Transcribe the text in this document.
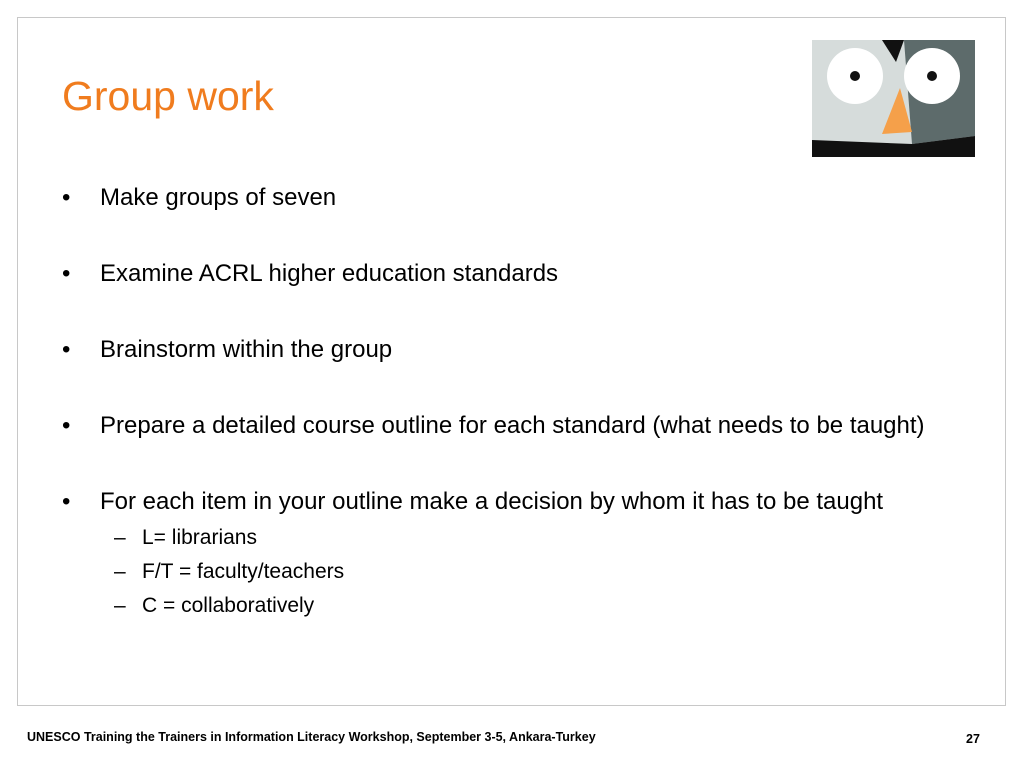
Group work
• Make groups of seven
• Examine ACRL higher education standards
• Brainstorm within the group
• Prepare a detailed course outline for each standard (what needs to be taught)
• For each item in your outline make a decision by whom it has to be taught
– L= librarians
– F/T = faculty/teachers
– C = collaboratively
UNESCO Training the Trainers in Information Literacy Workshop, September 3-5, Ankara-Turkey	27
